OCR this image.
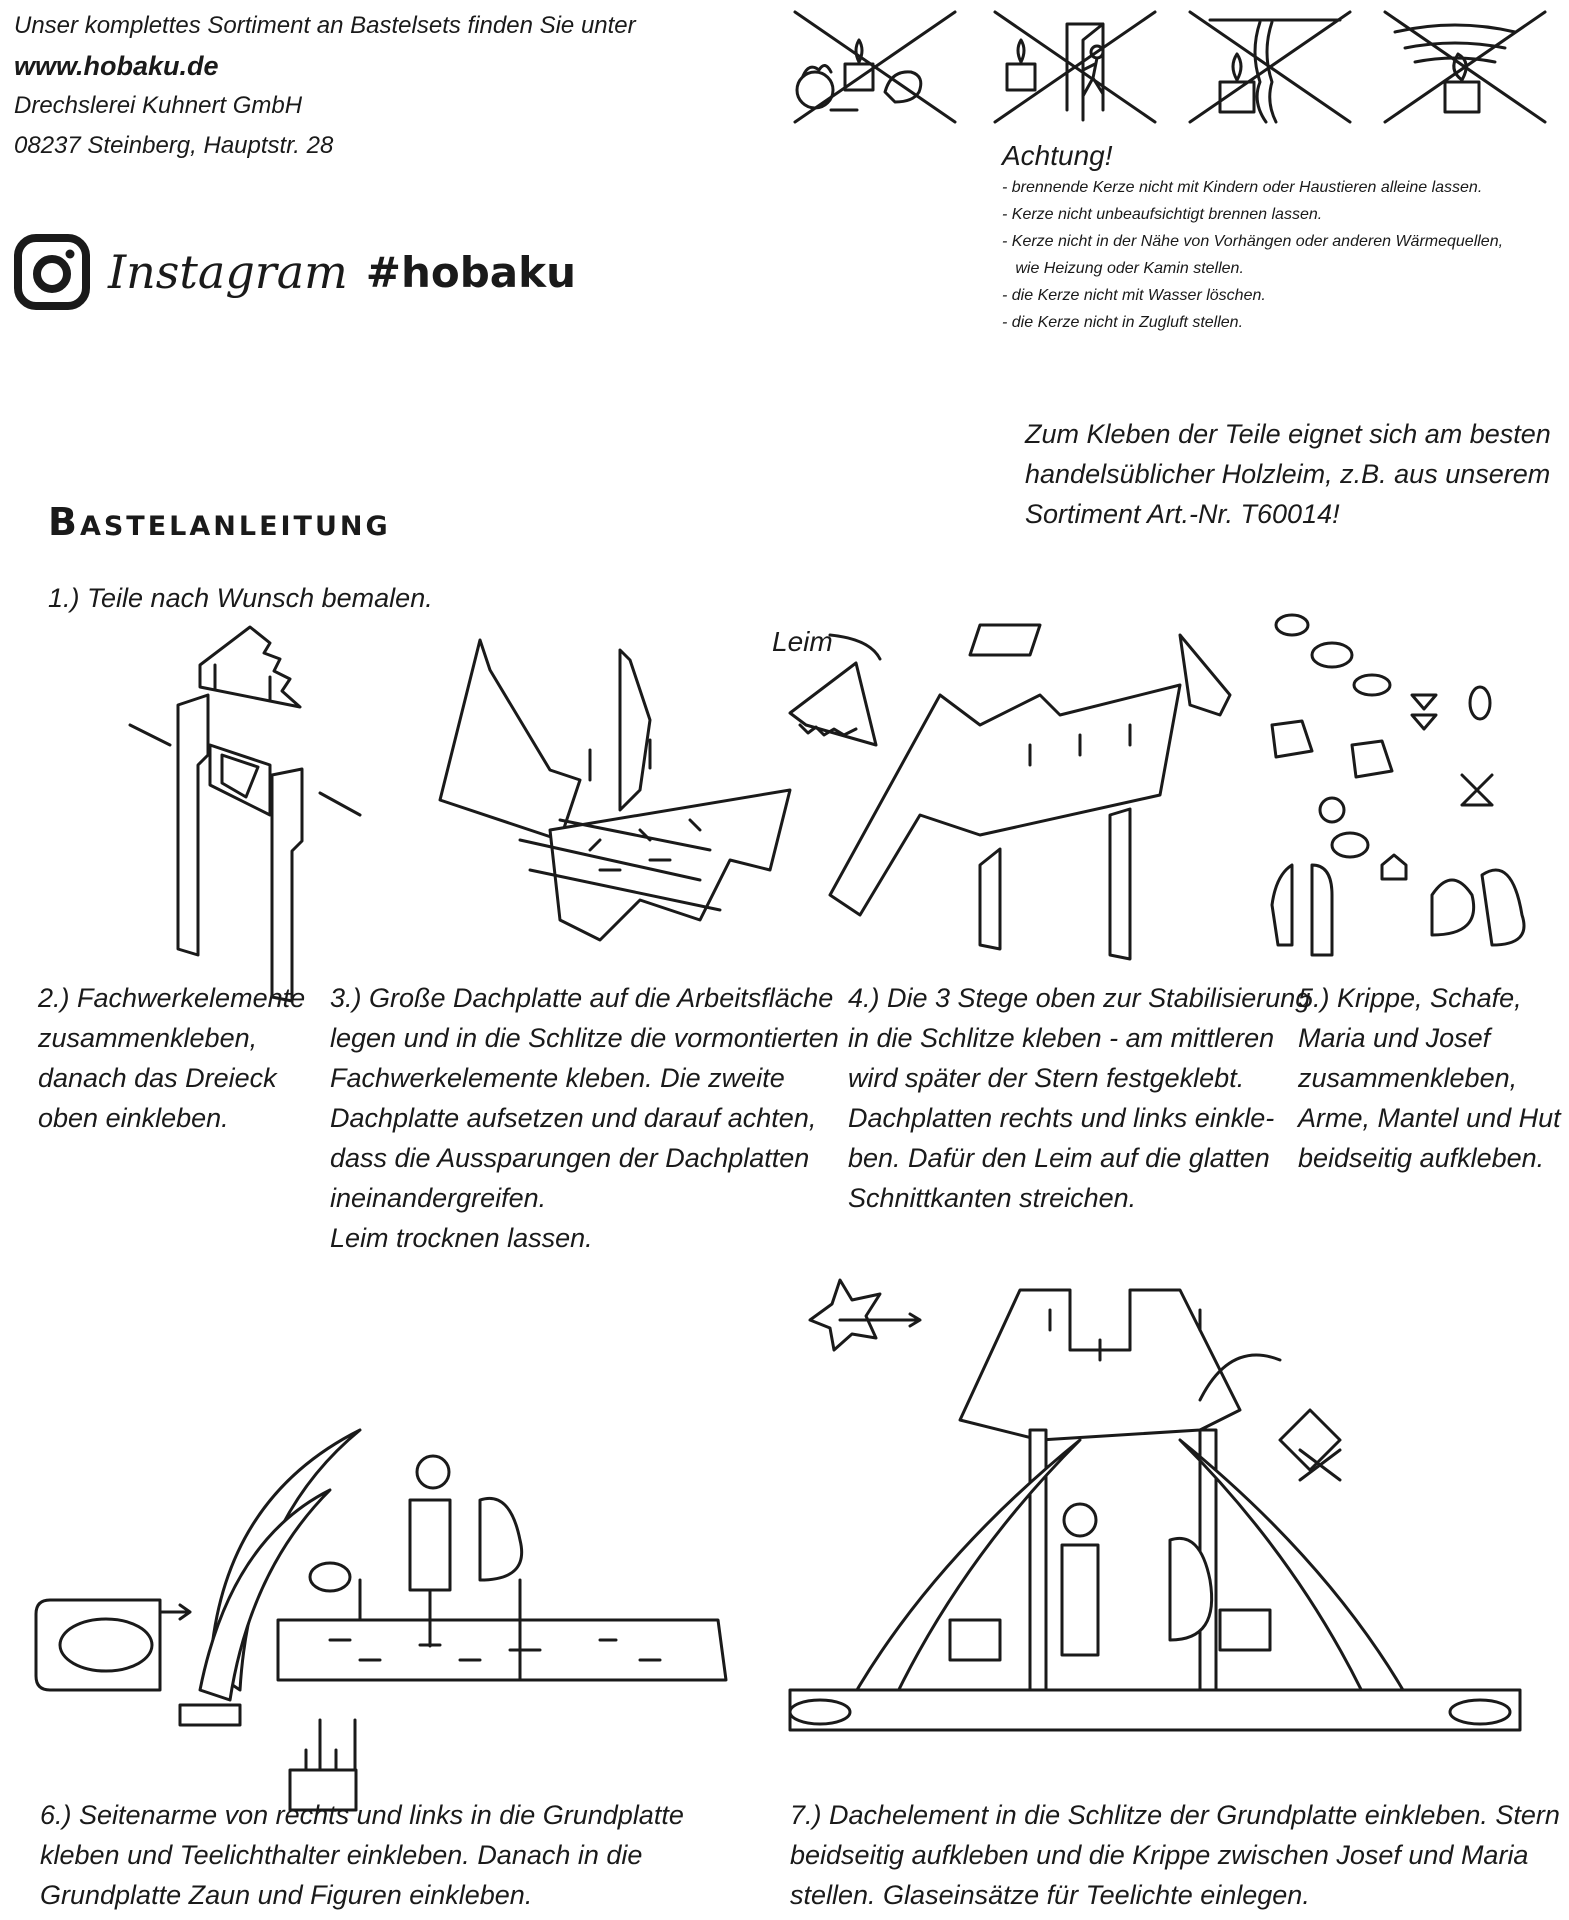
Unser komplettes Sortiment an Bastelsets finden Sie unter
www.hobaku.de
Drechslerei Kuhnert GmbH
08237 Steinberg, Hauptstr. 28
Instagram #hobaku
Achtung!
- brennende Kerze nicht mit Kindern oder Haustieren alleine lassen.
- Kerze nicht unbeaufsichtigt brennen lassen.
- Kerze nicht in der Nähe von Vorhängen oder anderen Wärmequellen,
wie Heizung oder Kamin stellen.
- die Kerze nicht mit Wasser löschen.
- die Kerze nicht in Zugluft stellen.
Zum Kleben der Teile eignet sich am besten
handelsüblicher Holzleim, z.B. aus unserem
Sortiment Art.-Nr. T60014!
Bastelanleitung
1.) Teile nach Wunsch bemalen.
Leim
2.) Fachwerkelemente
zusammenkleben,
danach das Dreieck
oben einkleben.
3.) Große Dachplatte auf die Arbeitsfläche
legen und in die Schlitze die vormontierten
Fachwerkelemente kleben. Die zweite
Dachplatte aufsetzen und darauf achten,
dass die Aussparungen der Dachplatten
ineinandergreifen.
Leim trocknen lassen.
4.) Die 3 Stege oben zur Stabilisierung
in die Schlitze kleben - am mittleren
wird später der Stern festgeklebt.
Dachplatten rechts und links einkle-
ben. Dafür den Leim auf die glatten
Schnittkanten streichen.
5.) Krippe, Schafe,
Maria und Josef
zusammenkleben,
Arme, Mantel und Hut
beidseitig aufkleben.
6.) Seitenarme von rechts und links in die Grundplatte
kleben und Teelichthalter einkleben. Danach in die
Grundplatte Zaun und Figuren einkleben.
7.) Dachelement in die Schlitze der Grundplatte einkleben. Stern
beidseitig aufkleben und die Krippe zwischen Josef und Maria
stellen. Glaseinsätze für Teelichte einlegen.
